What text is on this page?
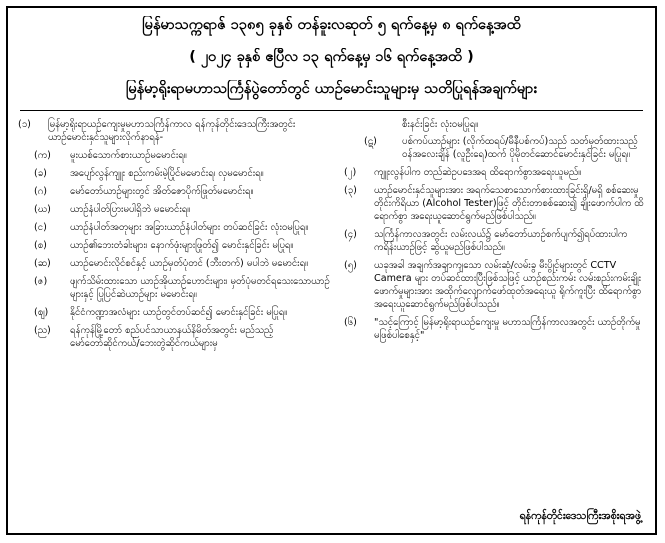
မြန်မာသက္ကရာဇ် ၁၃၈၅ ခုနှစ် တန်ခူးလဆုတ် ၅ ရက်နေ့မှ ၈ ရက်နေ့အထိ
( ၂၀၂၄ ခုနှစ် ဧပြီလ ၁၃ ရက်နေ့မှ ၁၆ ရက်နေ့အထိ )
မြန်မာ့ရိုးရာမဟာသင်္ကြန်ပွဲတော်တွင် ယာဉ်မောင်းသူများမှ သတိပြုရန်အချက်များ
(၁) မြန်မာ့ရိုးရာယဉ်ကျေးမှုမဟာသင်္ကြန်ကာလ ရန်ကုန်တိုင်းဒေသကြီးအတွင်း ယာဉ်မောင်းနှင်သူများလိုက်နာရန်-
(က) မူးယစ်သောက်စားယာဉ်မမောင်းရ။
(ခ) အပျော်လွန်ကျူး စည်းကမ်းမဲ့ပြိုင်မမောင်းရ၊ လှမမောင်းရ။
(ဂ) မော်တော်ယာဉ်များတွင် အိတ်ဇောပိုက်ဖြုတ်မမောင်းရ။
(ဃ) ယာဉ်နံပါတ်ပြားမပါရှိဘဲ မမောင်းရ။
(င) ယာဉ်နံပါတ်အတုများ အခြားယာဉ်နံပါတ်များ တပ်ဆင်ခြင်း လုံးဝမပြုရ။
(စ) ယာဉ်၏ဘေးတံခါးများ၊ နောက်ဖုံးများဖြုတ်၍ မောင်းနှင်ခြင်း မပြုရ။
(ဆ) ယာဉ်မောင်းလိုင်စင်နှင့် ယာဉ်မှတ်ပုံတင် (ဘီးတက်) မပါဘဲ မမောင်းရ။
(ဇ) ဖျက်သိမ်းထားသော ယာဉ်အိုယာဉ်ဟောင်းများ၊ မှတ်ပုံမတင်ရသေးသောယာဉ်များနှင့် ပြုပြင်ဆဲယာဉ်များ မမောင်းရ။
(ဈ) နိုင်ငံကဏ္ဍာအလံများ ယာဉ်တွင်တပ်ဆင်၍ မောင်းနှင်ခြင်း မပြုရ။
(ည) ရန်ကုန်မြို့တော် စည်ပင်သာယာနယ်နိမိတ်အတွင်း မည်သည့်မော်တော်ဆိုင်ကယ်/ဘေးတွဲဆိုင်ကယ်များမှ
စီးနင်းခြင်း လုံးဝမပြုရ။
(ဋ)	ပစ်ကပ်ယာဉ်များ (လိုက်ထရပ်/မီနီပစ်ကပ်)သည် သတ်မှတ်ထားသည့် ဝန်အလေးချိန် (လူဦးရေ)ထက် ပိုမိုတင်ဆောင်မောင်းနှင်ခြင်း မပြုရ။
(၂) ကျူးလွန်ပါက တည်ဆဲဥပဒေအရ ထိရောက်စွာအရေးယူမည်။
(၃) ယာဉ်မောင်းနှင်သူများအား အရက်သေစာသောက်စားထားခြင်းရှိ/မရှိ စစ်ဆေးမှုတိုင်းကိရိယာ (Alcohol Tester)ဖြင့် တိုင်းတာစစ်ဆေး၍ ချိုးဖောက်ပါက ထိရောက်စွာ အရေးယူဆောင်ရွက်မည်ဖြစ်ပါသည်။
(၄) သင်္ကြန်ကာလအတွင်း လမ်းလယ်၌ မော်တော်ယာဉ်စက်ပျက်၍ရပ်ထားပါက ကရိန်းယာဉ်ဖြင့် ဆွဲယူမည်ဖြစ်ပါသည်။
(၅) ယခုအခါ အချက်အချာကျသော လမ်းဆုံ/လမ်းခွ မီးပွိုင့်များတွင် CCTV Camera များ တပ်ဆင်ထားပြီးဖြစ်သဖြင့် ယာဉ်စည်းကမ်း လမ်းစည်းကမ်းချိုးဖောက်မှုများအား အထိုက်လျောက်ဖော်ထုတ်အရေးယူ ရိုက်ကူးပြီး ထိရောက်စွာအရေးယူဆောင်ရွက်မည်ဖြစ်ပါသည်။
(၆) "သင့်ကြောင့် မြန်မာ့ရိုးရာယဉ်ကျေးမှု မဟာသင်္ကြန်ကာလအတွင်း ယာဉ်တိုက်မှု မဖြစ်ပါစေနှင့်"
ရန်ကုန်တိုင်းဒေသကြီးအစိုးရအဖွဲ့
